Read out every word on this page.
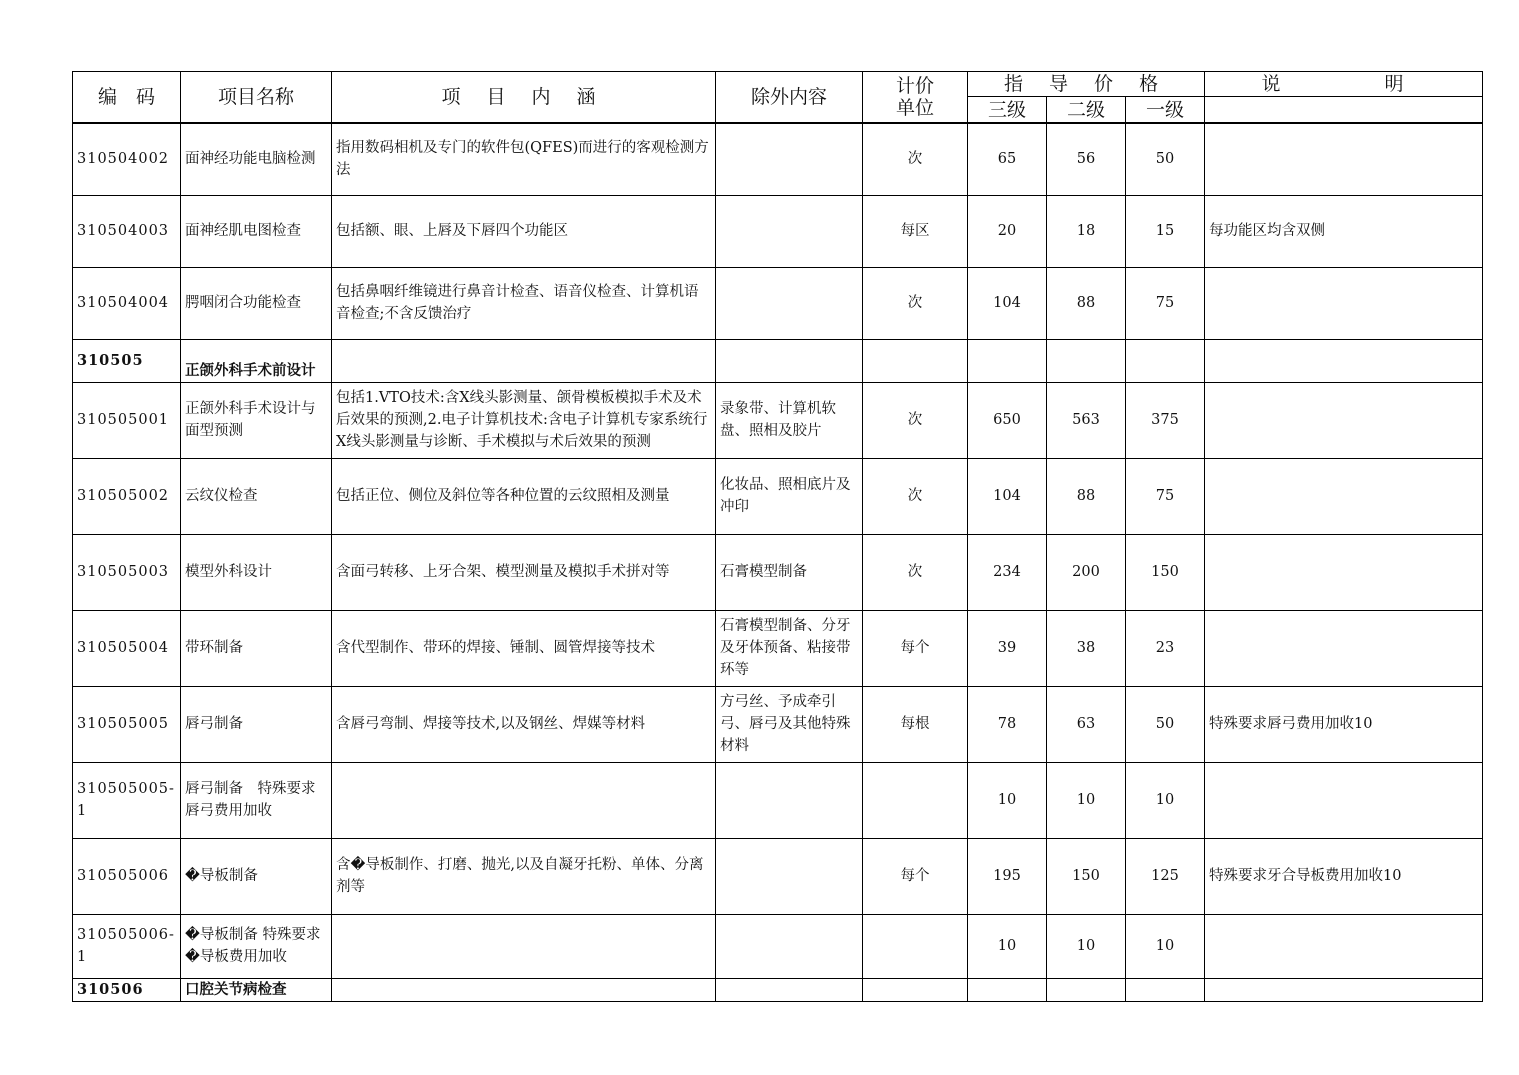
编　码	项目名称	项 目 内 涵	除外内容	计价
单位	指 导 价 格			说　　明
					三级	二级	一级	
310504002	面神经功能电脑检测	指用数码相机及专门的软件包(QFES)而进行的客观检测方法		次	65	56	50	
310504003	面神经肌电图检查	包括额、眼、上唇及下唇四个功能区		每区	20	18	15	每功能区均含双侧
310504004	腭咽闭合功能检查	包括鼻咽纤维镜进行鼻音计检查、语音仪检查、计算机语音检查;不含反馈治疗		次	104	88	75	
310505	正颌外科手术前设计							
310505001	正颌外科手术设计与面型预测	包括1.VTO技术:含X线头影测量、颌骨模板模拟手术及术后效果的预测,2.电子计算机技术:含电子计算机专家系统行X线头影测量与诊断、手术模拟与术后效果的预测	录象带、计算机软盘、照相及胶片	次	650	563	375	
310505002	云纹仪检查	包括正位、侧位及斜位等各种位置的云纹照相及测量	化妆品、照相底片及冲印	次	104	88	75	
310505003	模型外科设计	含面弓转移、上牙合架、模型测量及模拟手术拼对等	石膏模型制备	次	234	200	150	
310505004	带环制备	含代型制作、带环的焊接、锤制、圆管焊接等技术	石膏模型制备、分牙及牙体预备、粘接带环等	每个	39	38	23	
310505005	唇弓制备	含唇弓弯制、焊接等技术,以及钢丝、焊媒等材料	方弓丝、予成牵引弓、唇弓及其他特殊材料	每根	78	63	50	特殊要求唇弓费用加收10
310505005-1	唇弓制备　特殊要求唇弓费用加收				10	10	10	
310505006	�导板制备	含�导板制作、打磨、抛光,以及自凝牙托粉、单体、分离剂等		每个	195	150	125	特殊要求牙合导板费用加收10
310505006-1	�导板制备 特殊要求�导板费用加收				10	10	10	
310506	口腔关节病检查							
